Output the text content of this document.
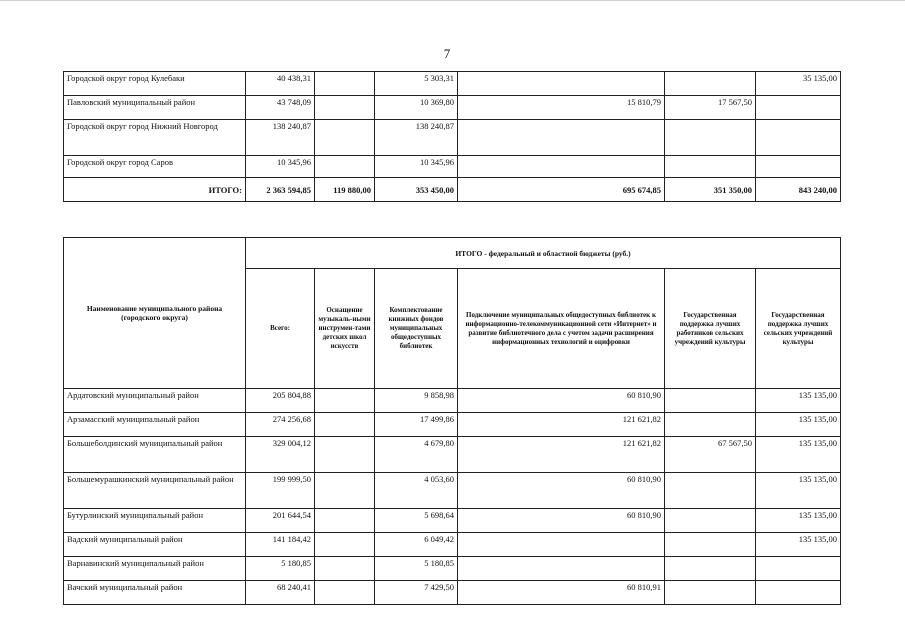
7
Городской округ город Кулебаки	40 438,31		5 303,31			35 135,00
Павловский муниципальный район	43 748,09		10 369,80	15 810,79	17 567,50	
Городской округ город Нижний Новгород	138 240,87		138 240,87			
Городской округ город Саров	10 345,96		10 345,96			
ИТОГО:	2 363 594,85	119 880,00	353 450,00	695 674,85	351 350,00	843 240,00
Наименование муниципального района (городского округа)	ИТОГО - федеральный и областной бюджеты (руб.)					
	Всего:	Оснащение музыкаль-ными инструмен-тами детских школ искусств	Комплектование книжных фондов муниципальных общедоступных библиотек	Подключение муниципальных общедоступных библиотек к информационно-телекоммуникационной сети «Интернет» и развитие библиотечного дела с учетом задачи расширения информационных технологий и оцифровки	Государственная поддержка лучших работников сельских учреждений культуры	Государственная поддержка лучших сельских учреждений культуры
Ардатовский муниципальный район	205 804,88		9 858,98	60 810,90		135 135,00
Арзамасский муниципальный район	274 256,68		17 499,86	121 621,82		135 135,00
Большеболдинский муниципальный район	329 004,12		4 679,80	121 621,82	67 567,50	135 135,00
Большемурашкинский муниципальный район	199 999,50		4 053,60	60 810,90		135 135,00
Бутурлинский муниципальный район	201 644,54		5 698,64	60 810,90		135 135,00
Вадский муниципальный район	141 184,42		6 049,42			135 135,00
Варнавинский муниципальный район	5 180,85		5 180,85			
Вачский муниципальный район	68 240,41		7 429,50	60 810,91		
